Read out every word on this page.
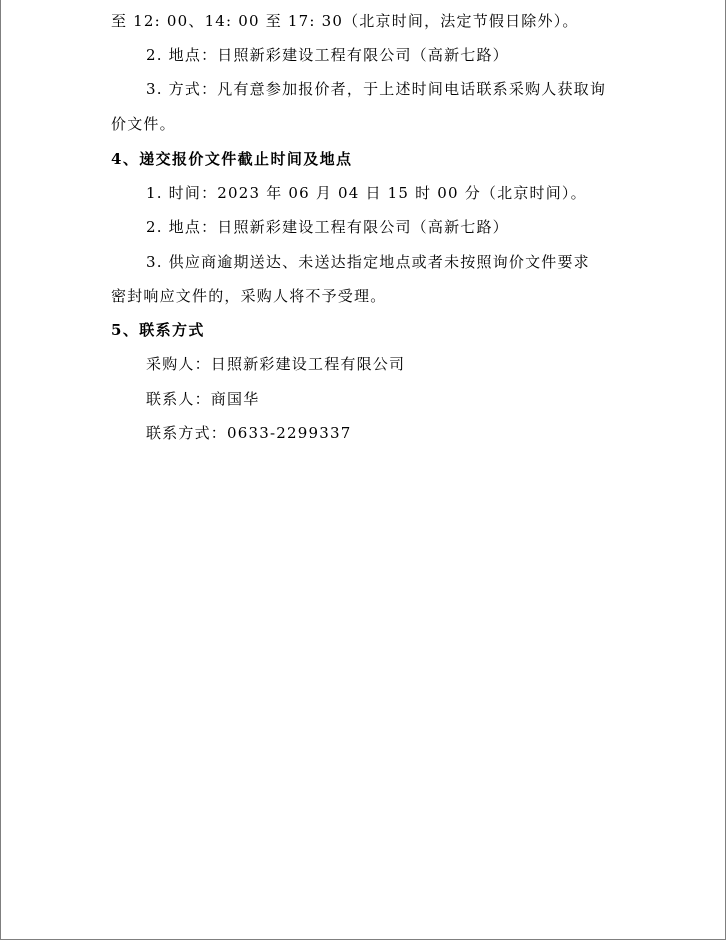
至 12: 00、14: 00 至 17: 30（北京时间，法定节假日除外）。
2. 地点：日照新彩建设工程有限公司（高新七路）
3. 方式：凡有意参加报价者，于上述时间电话联系采购人获取询
价文件。
4、递交报价文件截止时间及地点
1. 时间：2023 年 06 月 04 日 15 时 00 分（北京时间）。
2. 地点：日照新彩建设工程有限公司（高新七路）
3. 供应商逾期送达、未送达指定地点或者未按照询价文件要求
密封响应文件的，采购人将不予受理。
5、联系方式
采购人：日照新彩建设工程有限公司
联系人：商国华
联系方式：0633-2299337
